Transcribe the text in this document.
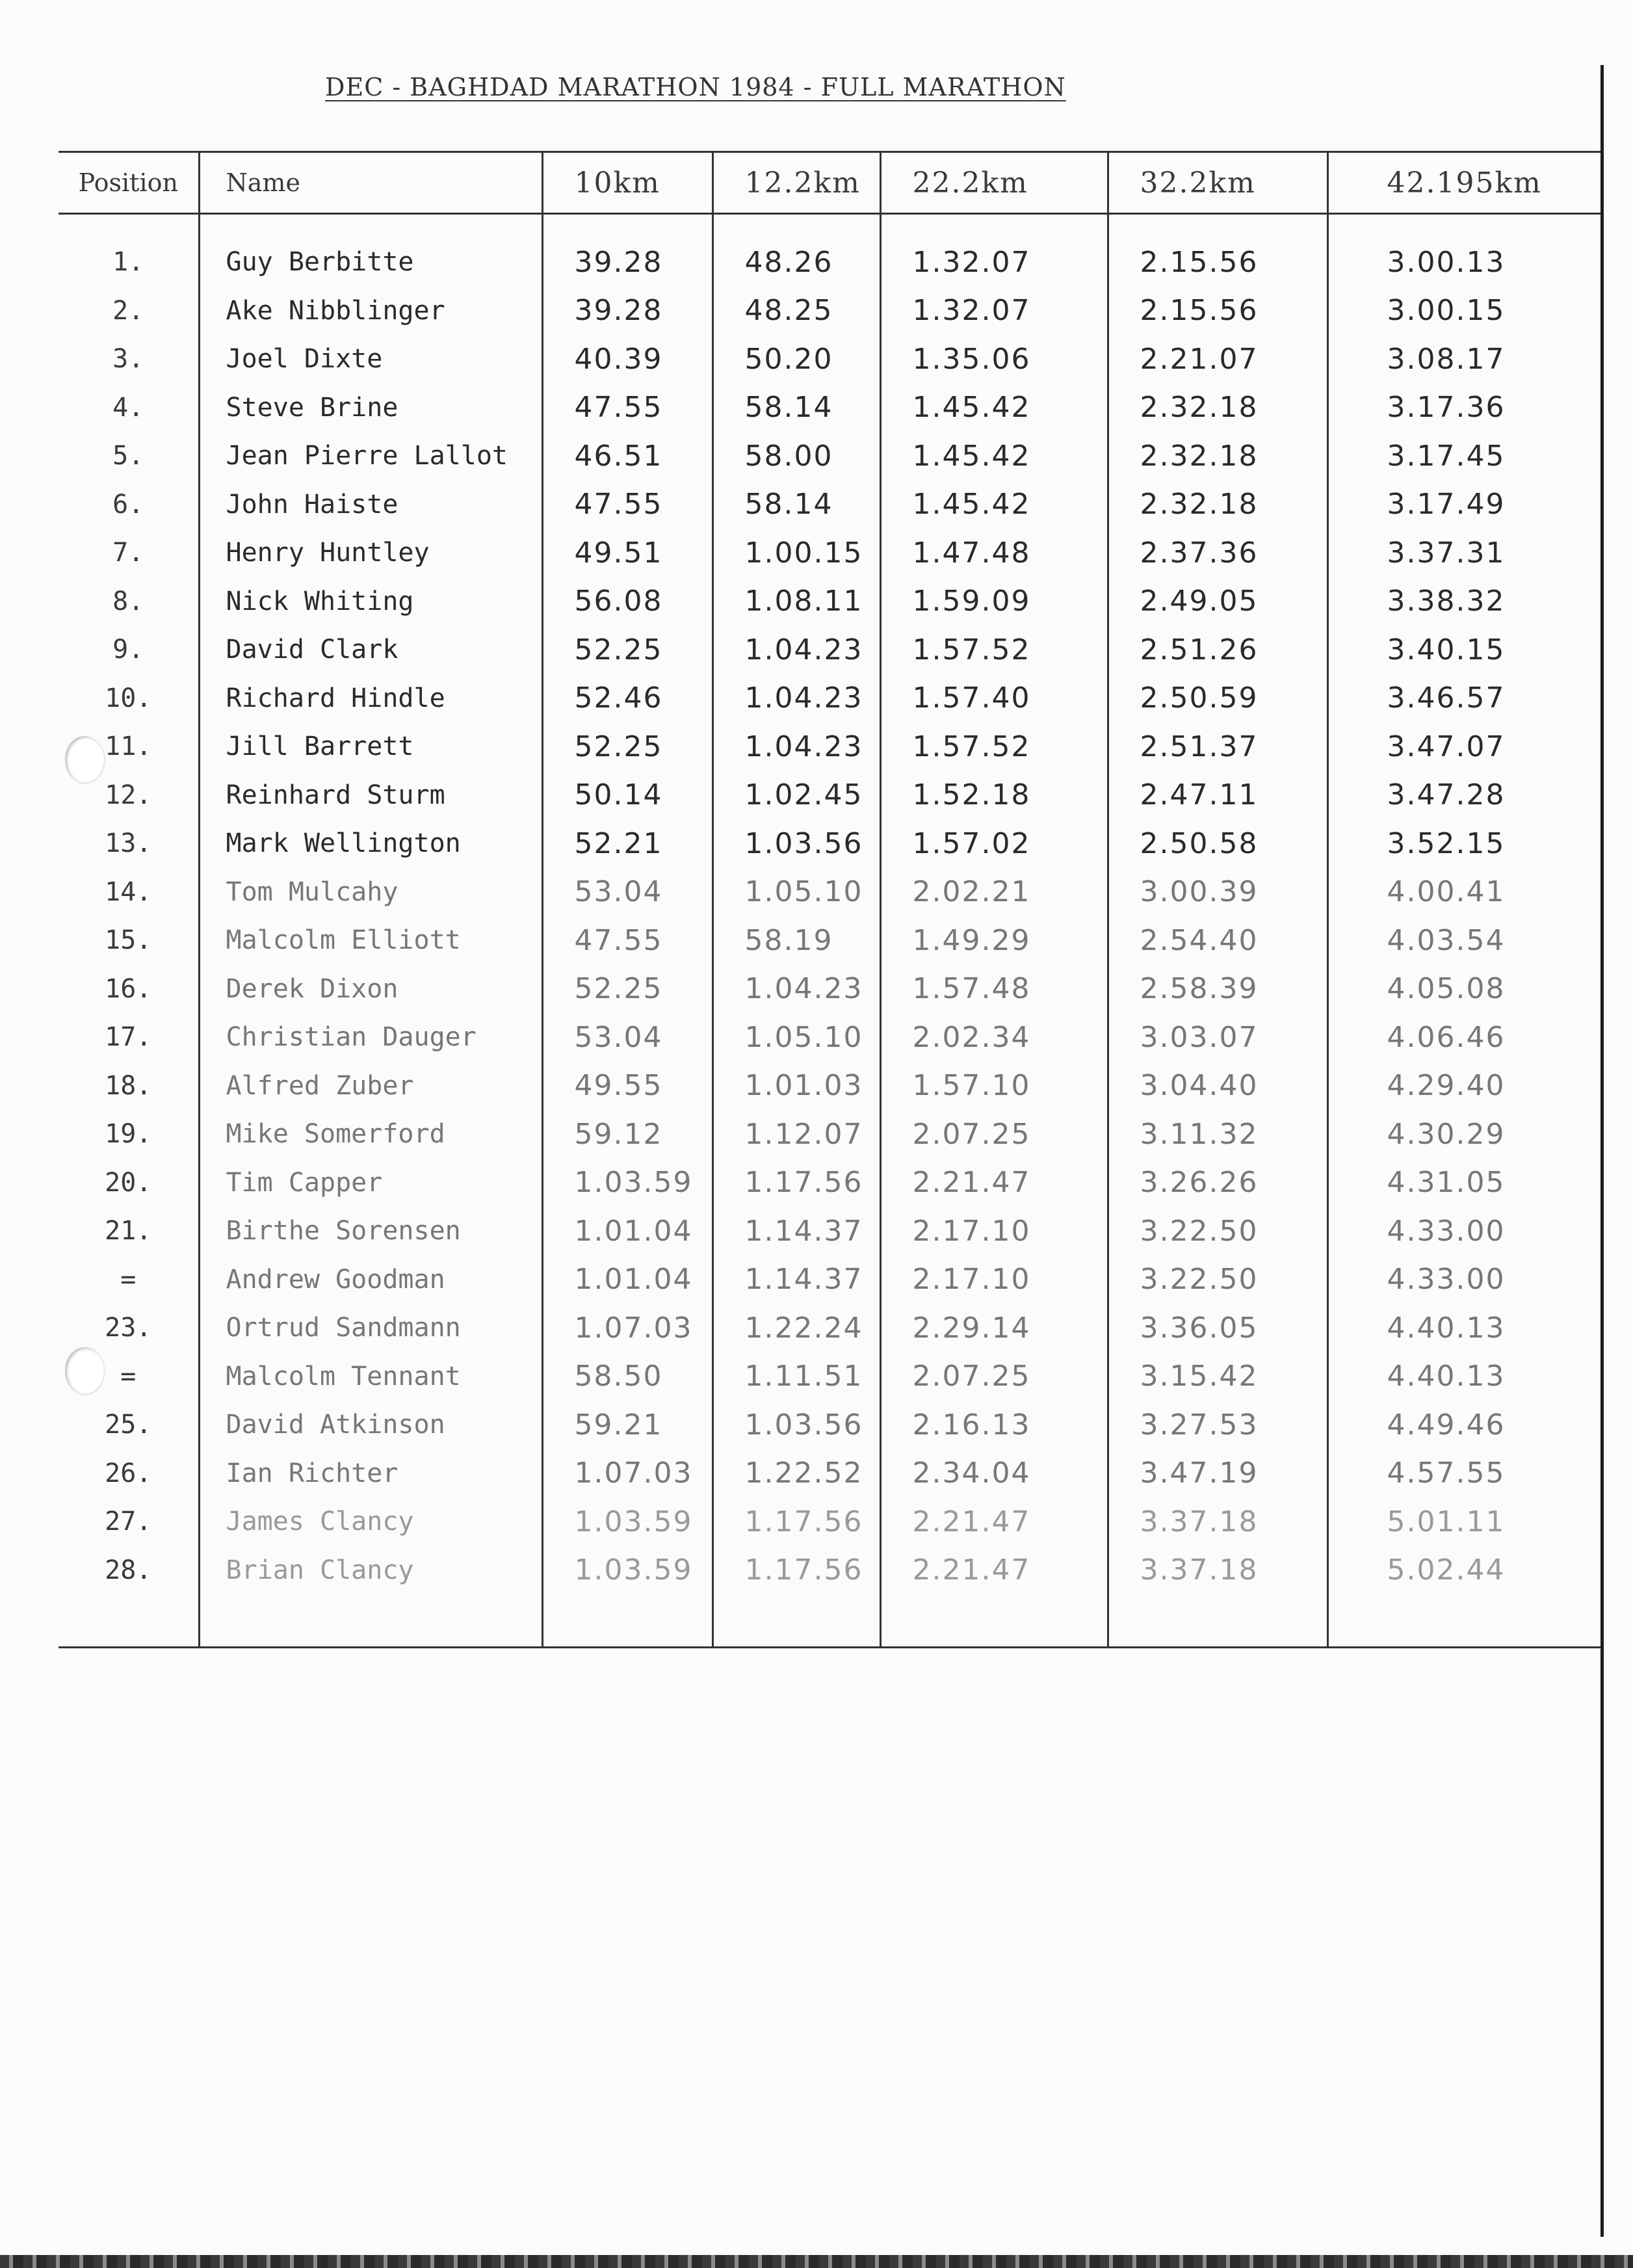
DEC - BAGHDAD MARATHON 1984 - FULL MARATHON
Position	Name	10km	12.2km	22.2km	32.2km	42.195km

1.	Guy Berbitte	39.28	48.26	1.32.07	2.15.56	3.00.13
2.	Ake Nibblinger	39.28	48.25	1.32.07	2.15.56	3.00.15
3.	Joel Dixte	40.39	50.20	1.35.06	2.21.07	3.08.17
4.	Steve Brine	47.55	58.14	1.45.42	2.32.18	3.17.36
5.	Jean Pierre Lallot	46.51	58.00	1.45.42	2.32.18	3.17.45
6.	John Haiste	47.55	58.14	1.45.42	2.32.18	3.17.49
7.	Henry Huntley	49.51	1.00.15	1.47.48	2.37.36	3.37.31
8.	Nick Whiting	56.08	1.08.11	1.59.09	2.49.05	3.38.32
9.	David Clark	52.25	1.04.23	1.57.52	2.51.26	3.40.15
10.	Richard Hindle	52.46	1.04.23	1.57.40	2.50.59	3.46.57
11.	Jill Barrett	52.25	1.04.23	1.57.52	2.51.37	3.47.07
12.	Reinhard Sturm	50.14	1.02.45	1.52.18	2.47.11	3.47.28
13.	Mark Wellington	52.21	1.03.56	1.57.02	2.50.58	3.52.15
14.	Tom Mulcahy	53.04	1.05.10	2.02.21	3.00.39	4.00.41
15.	Malcolm Elliott	47.55	58.19	1.49.29	2.54.40	4.03.54
16.	Derek Dixon	52.25	1.04.23	1.57.48	2.58.39	4.05.08
17.	Christian Dauger	53.04	1.05.10	2.02.34	3.03.07	4.06.46
18.	Alfred Zuber	49.55	1.01.03	1.57.10	3.04.40	4.29.40
19.	Mike Somerford	59.12	1.12.07	2.07.25	3.11.32	4.30.29
20.	Tim Capper	1.03.59	1.17.56	2.21.47	3.26.26	4.31.05
21.	Birthe Sorensen	1.01.04	1.14.37	2.17.10	3.22.50	4.33.00
=	Andrew Goodman	1.01.04	1.14.37	2.17.10	3.22.50	4.33.00
23.	Ortrud Sandmann	1.07.03	1.22.24	2.29.14	3.36.05	4.40.13
=	Malcolm Tennant	58.50	1.11.51	2.07.25	3.15.42	4.40.13
25.	David Atkinson	59.21	1.03.56	2.16.13	3.27.53	4.49.46
26.	Ian Richter	1.07.03	1.22.52	2.34.04	3.47.19	4.57.55
27.	James Clancy	1.03.59	1.17.56	2.21.47	3.37.18	5.01.11
28.	Brian Clancy	1.03.59	1.17.56	2.21.47	3.37.18	5.02.44
